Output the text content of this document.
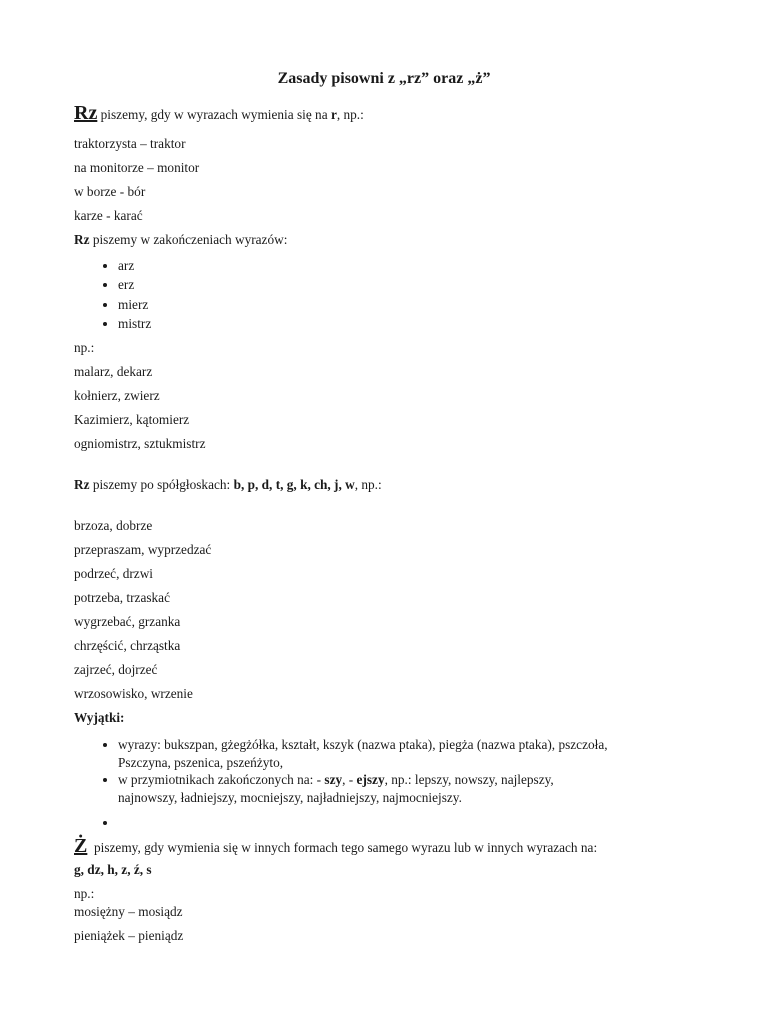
Zasady pisowni z „rz” oraz „ż”
Rz piszemy, gdy w wyrazach wymienia się na r, np.:
traktorzysta – traktor
na monitorze – monitor
w borze - bór
karze - karać
Rz piszemy w zakończeniach wyrazów:
• arz
• erz
• mierz
• mistrz
np.:
malarz, dekarz
kołnierz, zwierz
Kazimierz, kątomierz
ogniomistrz, sztukmistrz
Rz piszemy po spółgłoskach: b, p, d, t, g, k, ch, j, w, np.:
brzoza, dobrze
przepraszam, wyprzedzać
podrzeć, drzwi
potrzeba, trzaskać
wygrzebać, grzanka
chrzęścić, chrząstka
zajrzeć, dojrzeć
wrzosowisko, wrzenie
Wyjątki:
• wyrazy: bukszpan, gżegżółka, kształt, kszyk (nazwa ptaka), piegża (nazwa ptaka), pszczoła,
Pszczyna, pszenica, pszeńżyto,
• w przymiotnikach zakończonych na: - szy, - ejszy, np.: lepszy, nowszy, najlepszy,
najnowszy, ładniejszy, mocniejszy, najładniejszy, najmocniejszy.
•
Ż  piszemy, gdy wymienia się w innych formach tego samego wyrazu lub w innych wyrazach na:
g, dz, h, z, ź, s
np.:
mosiężny – mosiądz
pieniążek – pieniądz
